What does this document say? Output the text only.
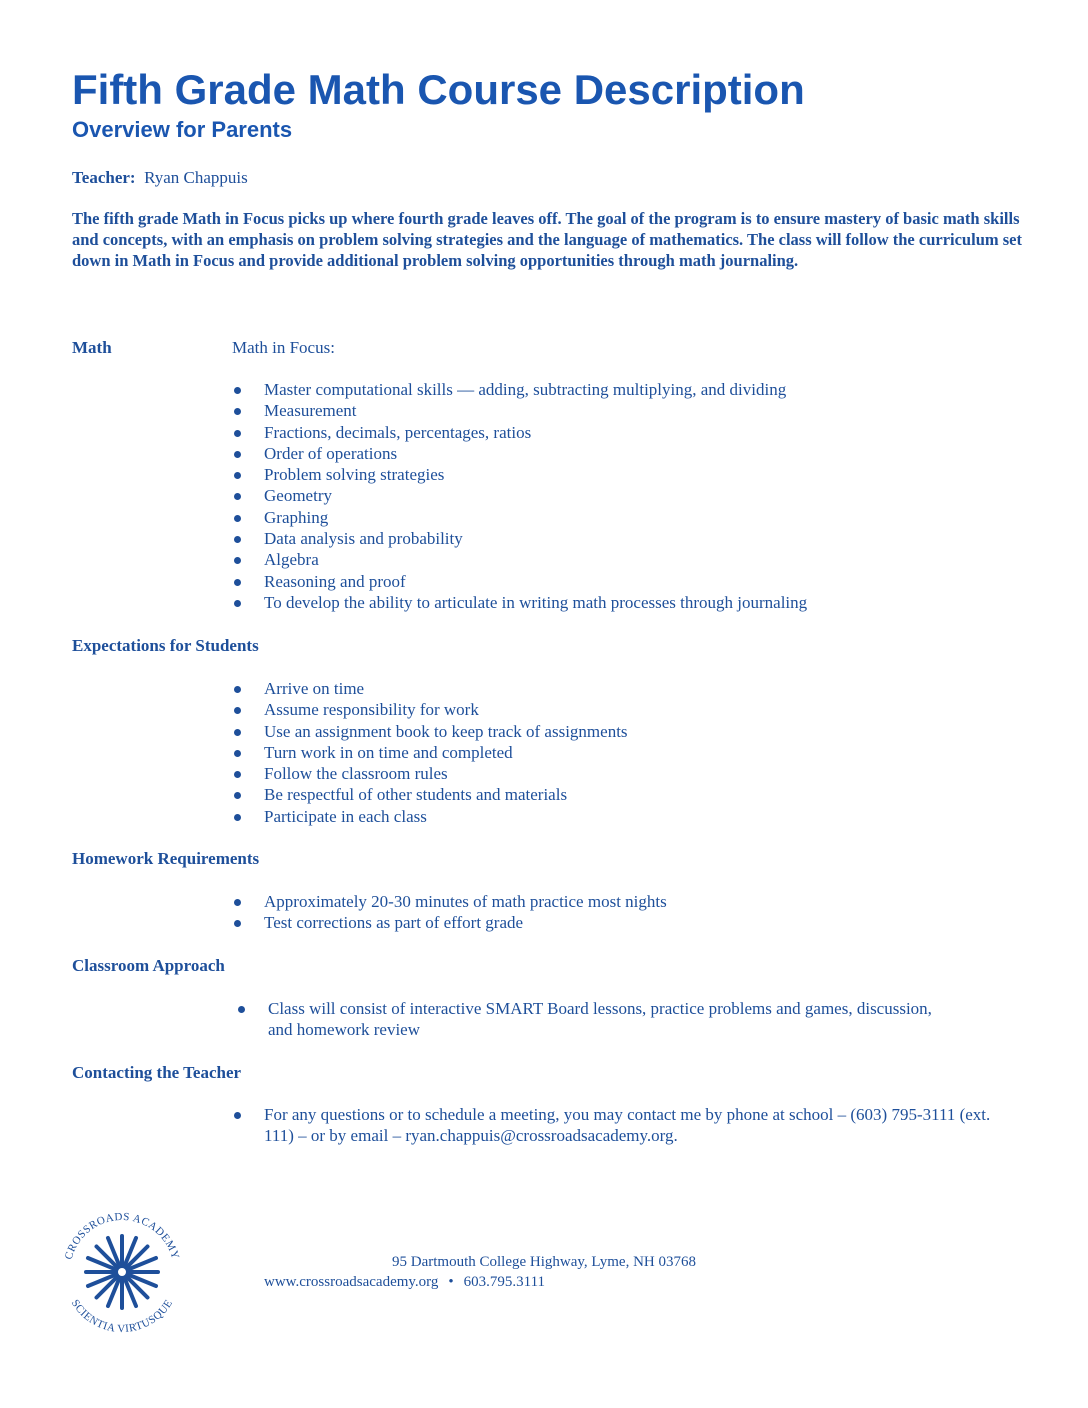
Fifth Grade Math Course Description
Overview for Parents
Teacher: Ryan Chappuis

The fifth grade Math in Focus picks up where fourth grade leaves off. The goal of the program is to ensure mastery of basic math skills and concepts, with an emphasis on problem solving strategies and the language of mathematics. The class will follow the curriculum set down in Math in Focus and provide additional problem solving opportunities through math journaling.

Math	Math in Focus:
Master computational skills — adding, subtracting multiplying, and dividing
Measurement
Fractions, decimals, percentages, ratios
Order of operations
Problem solving strategies
Geometry
Graphing
Data analysis and probability
Algebra
Reasoning and proof
To develop the ability to articulate in writing math processes through journaling
Expectations for Students
Arrive on time
Assume responsibility for work
Use an assignment book to keep track of assignments
Turn work in on time and completed
Follow the classroom rules
Be respectful of other students and materials
Participate in each class
Homework Requirements
Approximately 20-30 minutes of math practice most nights
Test corrections as part of effort grade
Classroom Approach
Class will consist of interactive SMART Board lessons, practice problems and games, discussion, and homework review
Contacting the Teacher
For any questions or to schedule a meeting, you may contact me by phone at school – (603) 795-3111 (ext. 111) – or by email – ryan.chappuis@crossroadsacademy.org.
CROSSROADS ACADEMY
SCIENTIA VIRTUSQUE
95 Dartmouth College Highway, Lyme, NH 03768
www.crossroadsacademy.org • 603.795.3111
